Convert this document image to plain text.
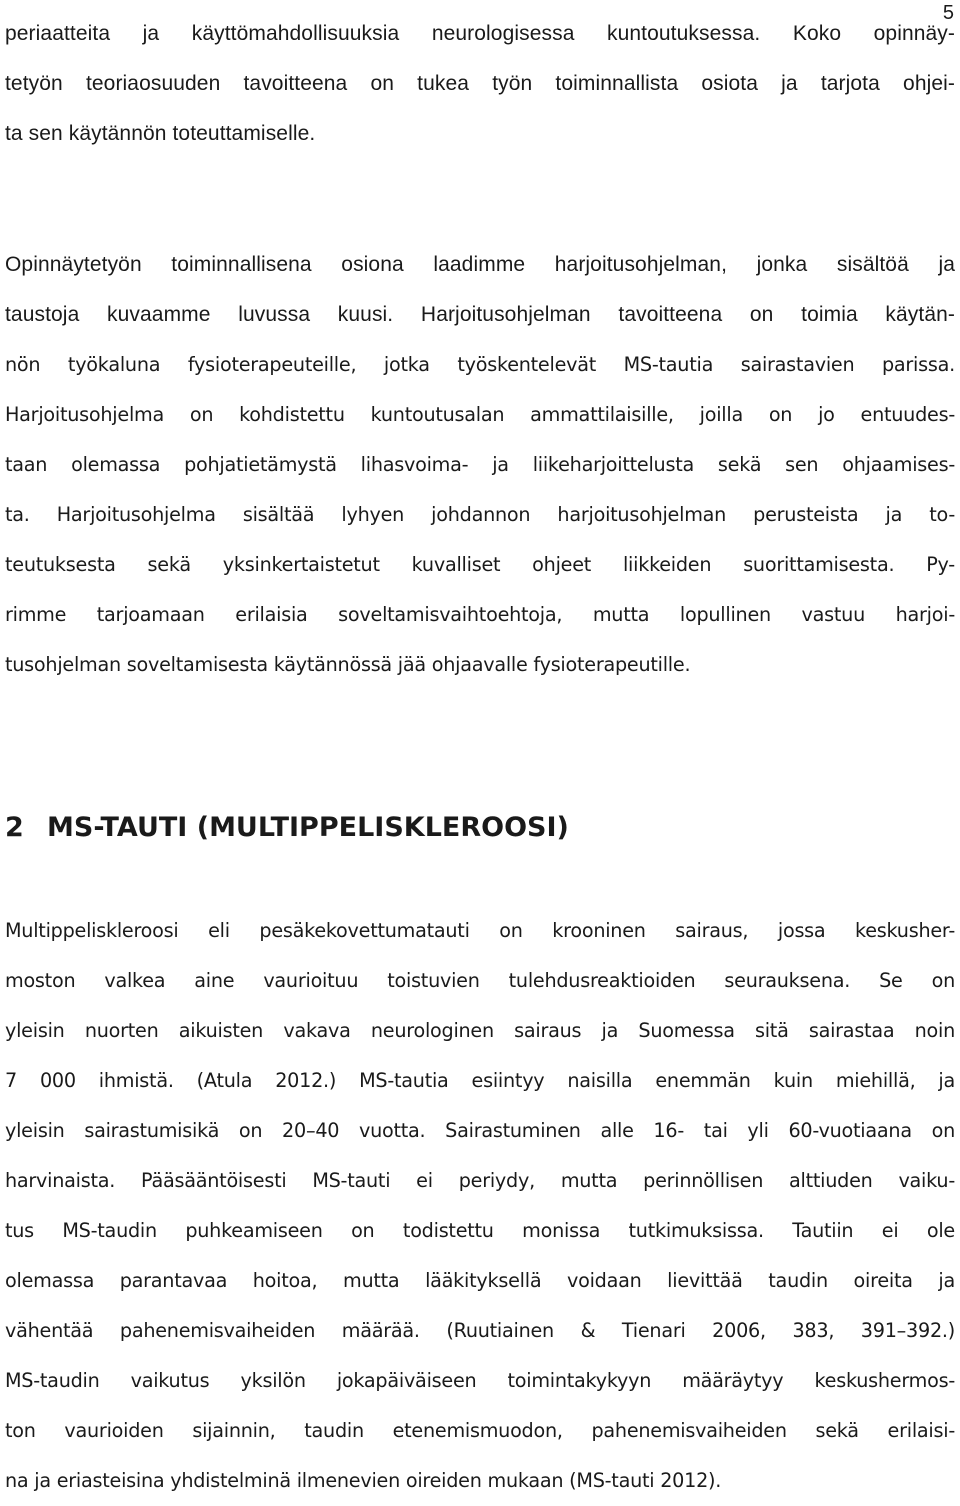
5
periaatteita ja käyttömahdollisuuksia neurologisessa kuntoutuksessa. Koko opinnäy-
tetyön teoriaosuuden tavoitteena on tukea työn toiminnallista osiota ja tarjota ohjei-
ta sen käytännön toteuttamiselle.
Opinnäytetyön toiminnallisena osiona laadimme harjoitusohjelman, jonka sisältöä ja
taustoja kuvaamme luvussa kuusi. Harjoitusohjelman tavoitteena on toimia käytän-
nön työkaluna fysioterapeuteille, jotka työskentelevät MS-tautia sairastavien parissa.
Harjoitusohjelma on kohdistettu kuntoutusalan ammattilaisille, joilla on jo entuudes-
taan olemassa pohjatietämystä lihasvoima- ja liikeharjoittelusta sekä sen ohjaamises-
ta. Harjoitusohjelma sisältää lyhyen johdannon harjoitusohjelman perusteista ja to-
teutuksesta sekä yksinkertaistetut kuvalliset ohjeet liikkeiden suorittamisesta. Py-
rimme tarjoamaan erilaisia soveltamisvaihtoehtoja, mutta lopullinen vastuu harjoi-
tusohjelman soveltamisesta käytännössä jää ohjaavalle fysioterapeutille.
2 MS-TAUTI (MULTIPPELISKLEROOSI)
Multippeliskleroosi eli pesäkekovettumatauti on krooninen sairaus, jossa keskusher-
moston valkea aine vaurioituu toistuvien tulehdusreaktioiden seurauksena. Se on
yleisin nuorten aikuisten vakava neurologinen sairaus ja Suomessa sitä sairastaa noin
7 000 ihmistä. (Atula 2012.) MS-tautia esiintyy naisilla enemmän kuin miehillä, ja
yleisin sairastumisikä on 20–40 vuotta. Sairastuminen alle 16- tai yli 60-vuotiaana on
harvinaista. Pääsääntöisesti MS-tauti ei periydy, mutta perinnöllisen alttiuden vaiku-
tus MS-taudin puhkeamiseen on todistettu monissa tutkimuksissa. Tautiin ei ole
olemassa parantavaa hoitoa, mutta lääkityksellä voidaan lievittää taudin oireita ja
vähentää pahenemisvaiheiden määrää. (Ruutiainen & Tienari 2006, 383, 391–392.)
MS-taudin vaikutus yksilön jokapäiväiseen toimintakykyyn määräytyy keskushermos-
ton vaurioiden sijainnin, taudin etenemismuodon, pahenemisvaiheiden sekä erilaisi-
na ja eriasteisina yhdistelminä ilmenevien oireiden mukaan (MS-tauti 2012).
